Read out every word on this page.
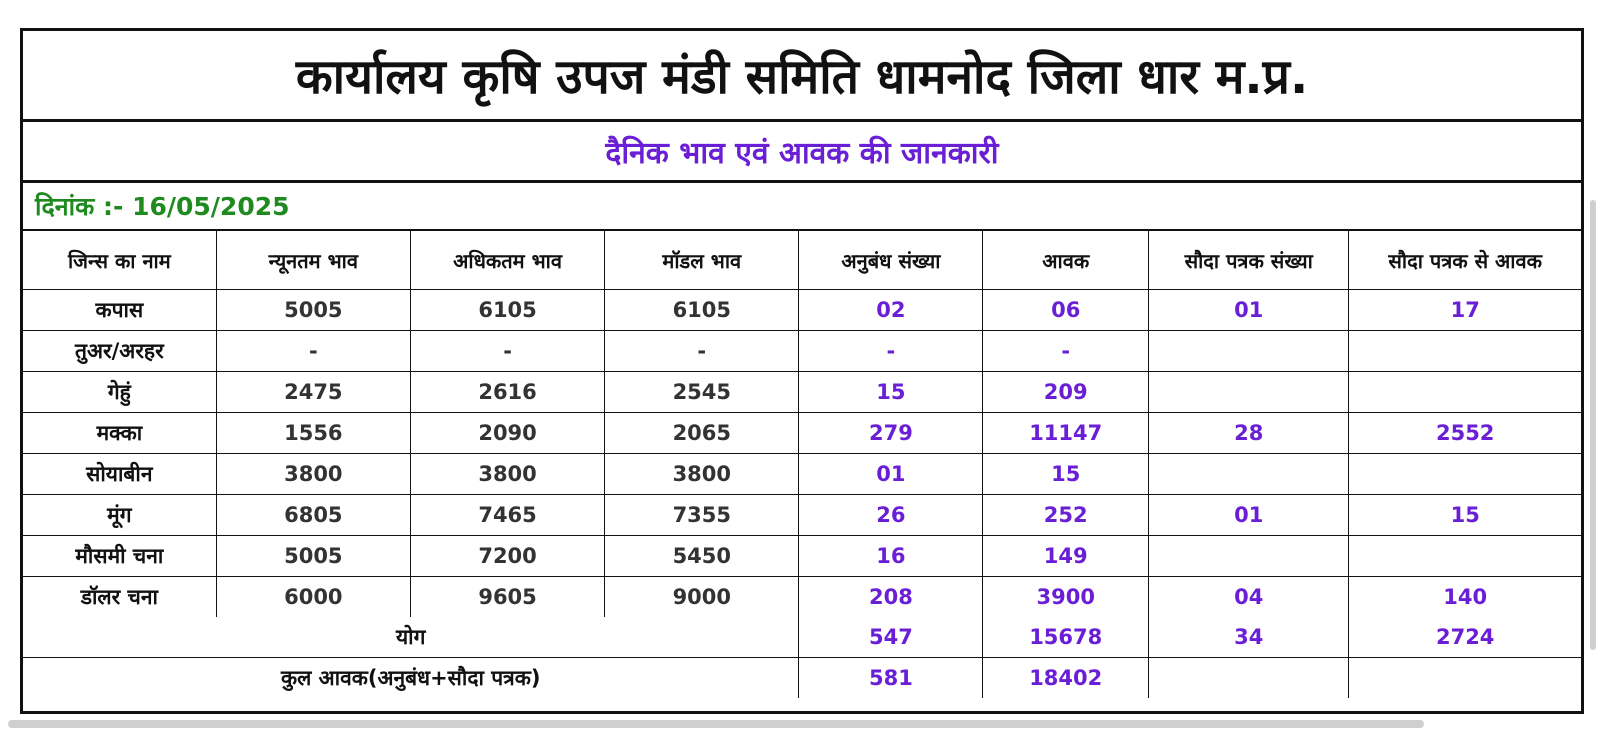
कार्यालय कृषि उपज मंडी समिति धामनोद जिला धार म.प्र.
दैनिक भाव एवं आवक की जानकारी
दिनांक :- 16/05/2025
जिन्स का नाम	न्यूनतम भाव	अधिकतम भाव	मॉडल भाव	अनुबंध संख्या	आवक	सौदा पत्रक संख्या	सौदा पत्रक से आवक
कपास	5005	6105	6105	02	06	01	17
तुअर/अरहर	-	-	-	-	-		
गेहुं	2475	2616	2545	15	209		
मक्का	1556	2090	2065	279	11147	28	2552
सोयाबीन	3800	3800	3800	01	15		
मूंग	6805	7465	7355	26	252	01	15
मौसमी चना	5005	7200	5450	16	149		
डॉलर चना	6000	9605	9000	208	3900	04	140
योग				547	15678	34	2724
कुल आवक(अनुबंध+सौदा पत्रक)				581	18402		
